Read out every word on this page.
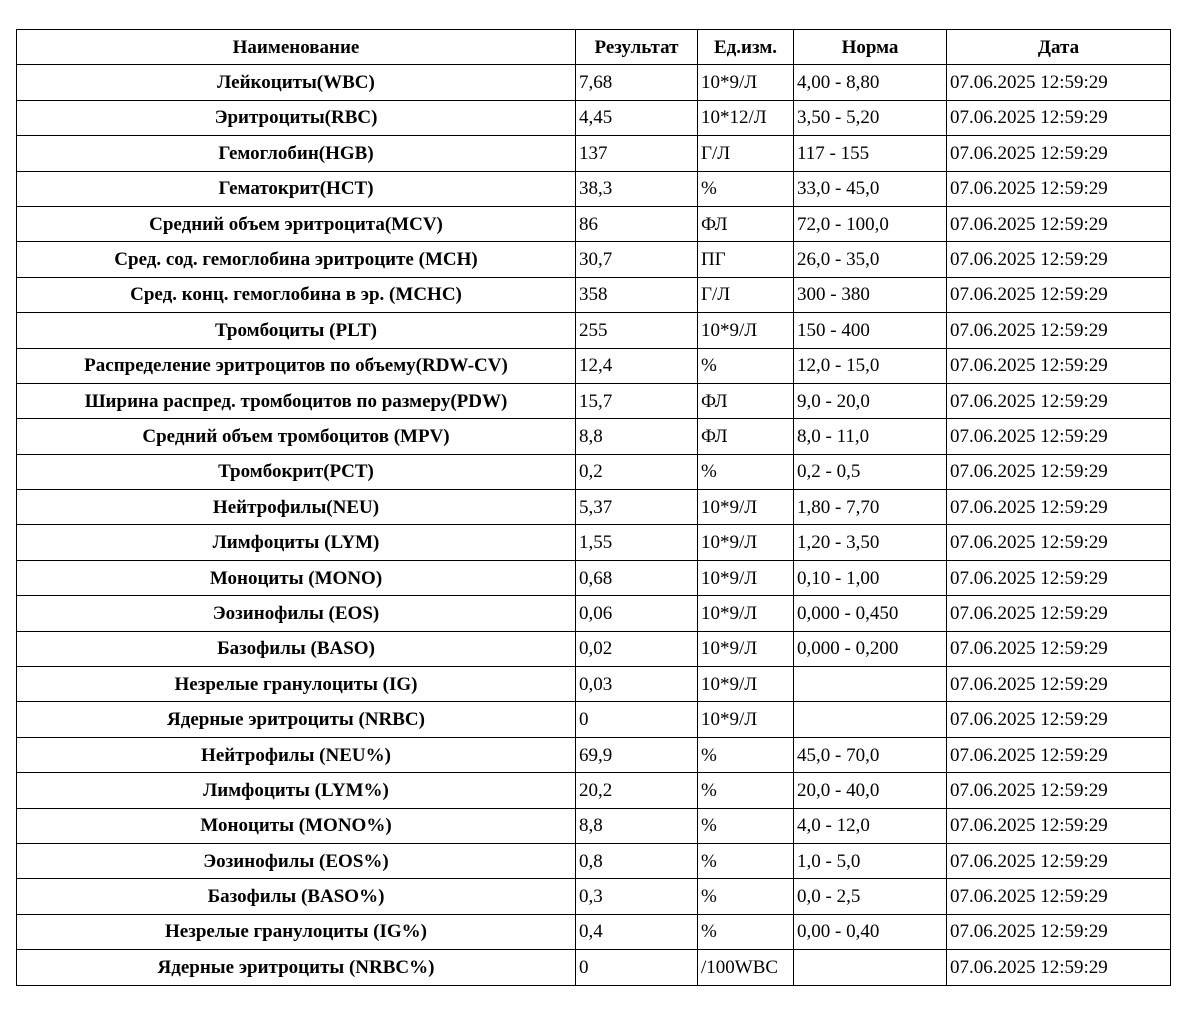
Наименование	Результат	Ед.изм.	Норма	Дата
Лейкоциты(WBC)	7,68	10*9/Л	4,00 - 8,80	07.06.2025 12:59:29
Эритроциты(RBC)	4,45	10*12/Л	3,50 - 5,20	07.06.2025 12:59:29
Гемоглобин(HGB)	137	Г/Л	117 - 155	07.06.2025 12:59:29
Гематокрит(HCT)	38,3	%	33,0 - 45,0	07.06.2025 12:59:29
Средний объем эритроцита(MCV)	86	ФЛ	72,0 - 100,0	07.06.2025 12:59:29
Сред. сод. гемоглобина эритроците (MCH)	30,7	ПГ	26,0 - 35,0	07.06.2025 12:59:29
Сред. конц. гемоглобина в эр. (MCHC)	358	Г/Л	300 - 380	07.06.2025 12:59:29
Тромбоциты (PLT)	255	10*9/Л	150 - 400	07.06.2025 12:59:29
Распределение эритроцитов по объему(RDW-CV)	12,4	%	12,0 - 15,0	07.06.2025 12:59:29
Ширина распред. тромбоцитов по размеру(PDW)	15,7	ФЛ	9,0 - 20,0	07.06.2025 12:59:29
Средний объем тромбоцитов (MPV)	8,8	ФЛ	8,0 - 11,0	07.06.2025 12:59:29
Тромбокрит(PCT)	0,2	%	0,2 - 0,5	07.06.2025 12:59:29
Нейтрофилы(NEU)	5,37	10*9/Л	1,80 - 7,70	07.06.2025 12:59:29
Лимфоциты (LYM)	1,55	10*9/Л	1,20 - 3,50	07.06.2025 12:59:29
Моноциты (MONO)	0,68	10*9/Л	0,10 - 1,00	07.06.2025 12:59:29
Эозинофилы (EOS)	0,06	10*9/Л	0,000 - 0,450	07.06.2025 12:59:29
Базофилы (BASO)	0,02	10*9/Л	0,000 - 0,200	07.06.2025 12:59:29
Незрелые гранулоциты (IG)	0,03	10*9/Л		07.06.2025 12:59:29
Ядерные эритроциты (NRBC)	0	10*9/Л		07.06.2025 12:59:29
Нейтрофилы (NEU%)	69,9	%	45,0 - 70,0	07.06.2025 12:59:29
Лимфоциты (LYM%)	20,2	%	20,0 - 40,0	07.06.2025 12:59:29
Моноциты (MONO%)	8,8	%	4,0 - 12,0	07.06.2025 12:59:29
Эозинофилы (EOS%)	0,8	%	1,0 - 5,0	07.06.2025 12:59:29
Базофилы (BASO%)	0,3	%	0,0 - 2,5	07.06.2025 12:59:29
Незрелые гранулоциты (IG%)	0,4	%	0,00 - 0,40	07.06.2025 12:59:29
Ядерные эритроциты (NRBC%)	0	/100WBC		07.06.2025 12:59:29
